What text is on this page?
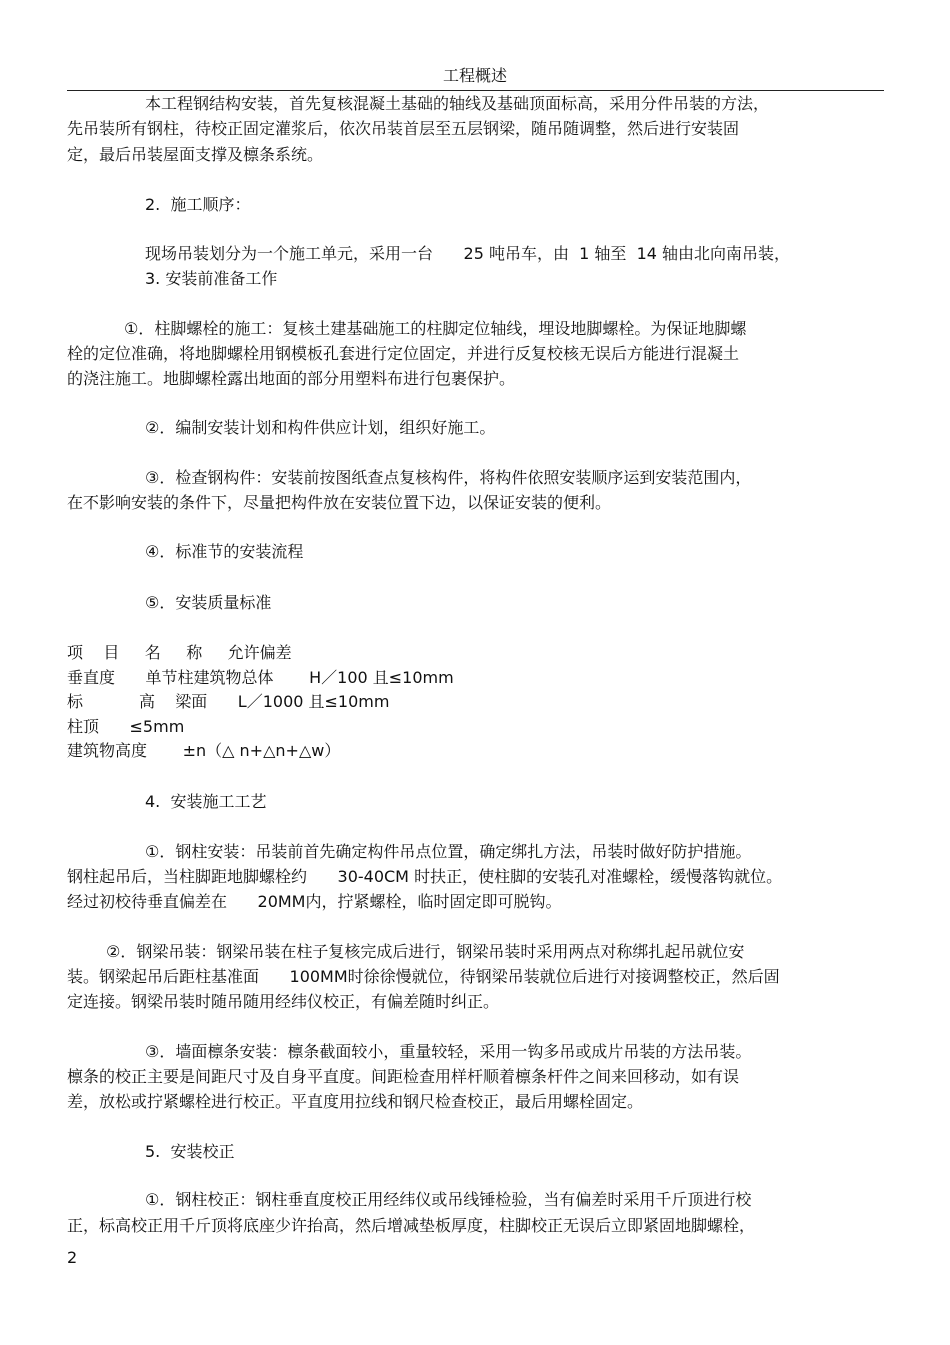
工程概述
本工程钢结构安装，首先复核混凝土基础的轴线及基础顶面标高，采用分件吊装的方法，
先吊装所有钢柱，待校正固定灌浆后，依次吊装首层至五层钢梁，随吊随调整，然后进行安装固
定，最后吊装屋面支撑及檩条系统。
2.  施工顺序：
现场吊装划分为一个施工单元，采用一台      25 吨吊车，由  1 轴至  14 轴由北向南吊装，
3. 安装前准备工作
①．柱脚螺栓的施工：复核土建基础施工的柱脚定位轴线，埋设地脚螺栓。为保证地脚螺
栓的定位准确，将地脚螺栓用钢模板孔套进行定位固定，并进行反复校核无误后方能进行混凝土
的浇注施工。地脚螺栓露出地面的部分用塑料布进行包裹保护。
②．编制安装计划和构件供应计划，组织好施工。
③．检查钢构件：安装前按图纸查点复核构件，将构件依照安装顺序运到安装范围内，
在不影响安装的条件下，尽量把构件放在安装位置下边，以保证安装的便利。
④．标准节的安装流程
⑤．安装质量标准
项    目     名     称     允许偏差
垂直度      单节柱建筑物总体       H／100 且≤10mm
标           高    梁面      L／1000 且≤10mm
柱顶      ≤5mm
建筑物高度       ±n（△ n+△n+△w）
4.  安装施工工艺
①．钢柱安装：吊装前首先确定构件吊点位置，确定绑扎方法，吊装时做好防护措施。
钢柱起吊后，当柱脚距地脚螺栓约      30-40CM 时扶正，使柱脚的安装孔对准螺栓，缓慢落钩就位。
经过初校待垂直偏差在      20MM内，拧紧螺栓，临时固定即可脱钩。
②．钢梁吊装：钢梁吊装在柱子复核完成后进行，钢梁吊装时采用两点对称绑扎起吊就位安
装。钢梁起吊后距柱基准面      100MM时徐徐慢就位，待钢梁吊装就位后进行对接调整校正，然后固
定连接。钢梁吊装时随吊随用经纬仪校正，有偏差随时纠正。
③．墙面檩条安装：檩条截面较小，重量较轻，采用一钩多吊或成片吊装的方法吊装。
檩条的校正主要是间距尺寸及自身平直度。间距检查用样杆顺着檩条杆件之间来回移动，如有误
差，放松或拧紧螺栓进行校正。平直度用拉线和钢尺检查校正，最后用螺栓固定。
5.  安装校正
①．钢柱校正：钢柱垂直度校正用经纬仪或吊线锤检验，当有偏差时采用千斤顶进行校
正，标高校正用千斤顶将底座少许抬高，然后增减垫板厚度，柱脚校正无误后立即紧固地脚螺栓，
2
